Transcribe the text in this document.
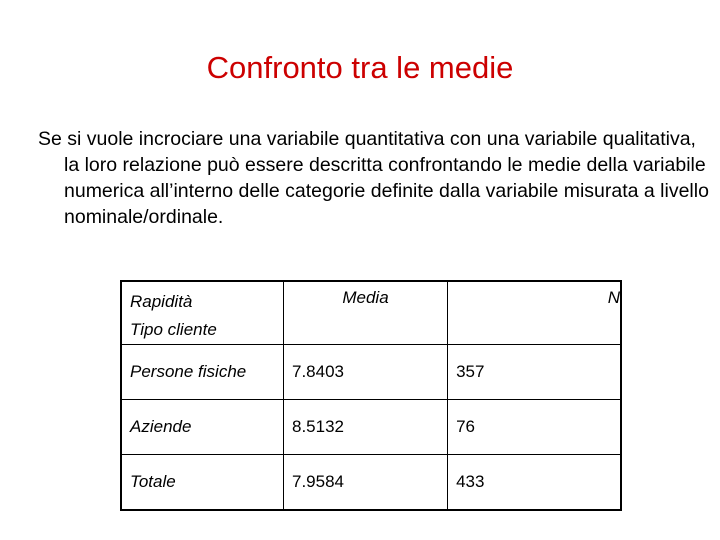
Confronto tra le medie
Se si vuole incrociare una variabile quantitativa con una variabile qualitativa, la loro relazione può essere descritta confrontando le medie della variabile numerica all’interno delle categorie definite dalla variabile misurata a livello nominale/ordinale.
Rapidità
Tipo cliente	Media	N
Persone fisiche	7.8403	357
Aziende	8.5132	76
Totale	7.9584	433
